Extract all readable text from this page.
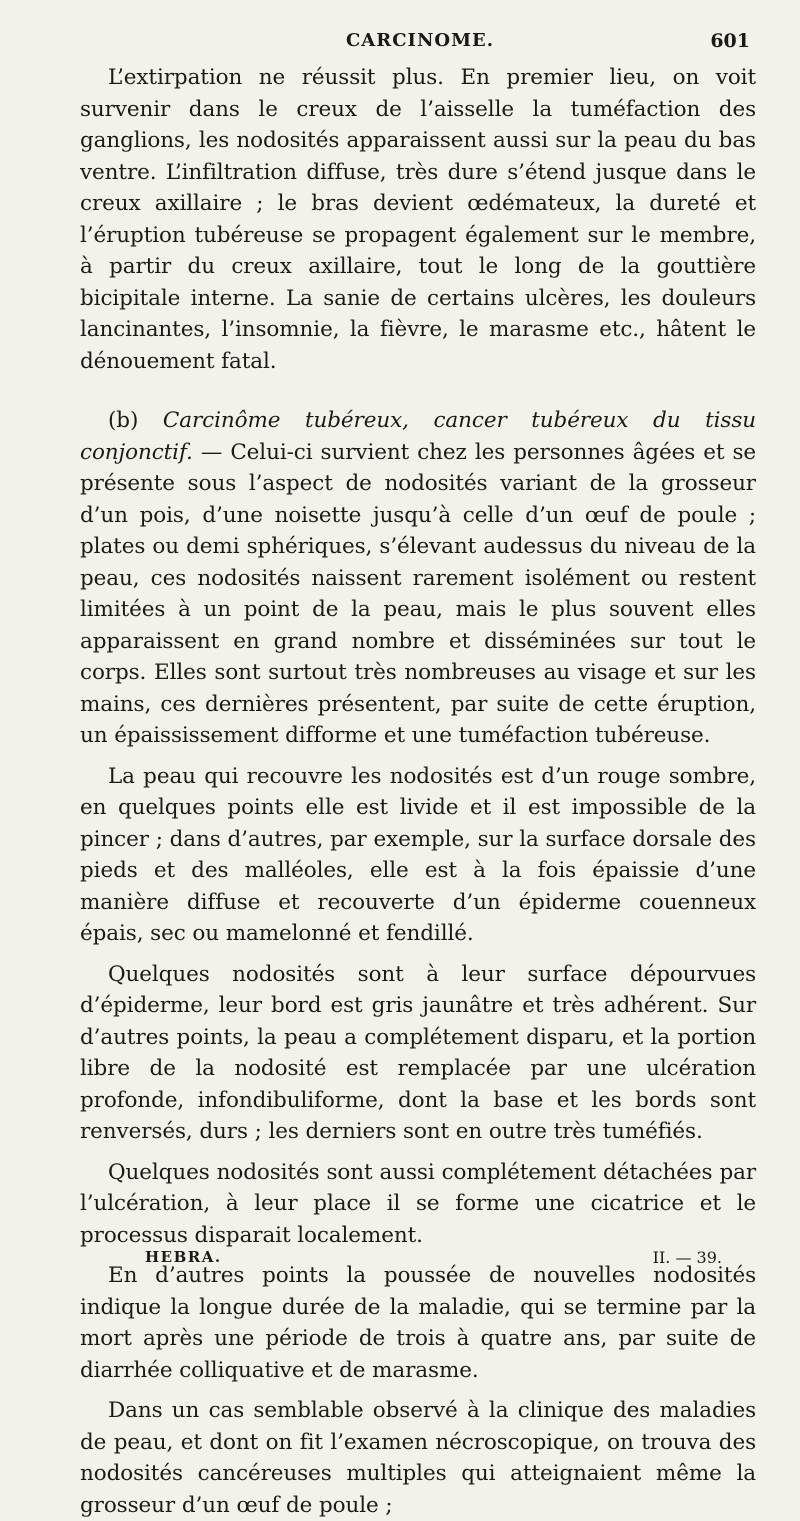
CARCINOME.	601

L’extirpation ne réussit plus. En premier lieu, on voit survenir dans le creux de l’aisselle la tuméfaction des ganglions, les nodosités apparaissent aussi sur la peau du bas ventre. L’infiltration diffuse, très dure s’étend jusque dans le creux axillaire ; le bras devient œdémateux, la dureté et l’éruption tubéreuse se propagent également sur le membre, à partir du creux axillaire, tout le long de la gouttière bicipitale interne. La sanie de certains ulcères, les douleurs lancinantes, l’insomnie, la fièvre, le marasme etc., hâtent le dénouement fatal.

(b) Carcinôme tubéreux, cancer tubéreux du tissu conjonctif. — Celui-ci survient chez les personnes âgées et se présente sous l’aspect de nodosités variant de la grosseur d’un pois, d’une noisette jusqu’à celle d’un œuf de poule ; plates ou demi sphériques, s’élevant audessus du niveau de la peau, ces nodosités naissent rarement isolément ou restent limitées à un point de la peau, mais le plus souvent elles apparaissent en grand nombre et disséminées sur tout le corps. Elles sont surtout très nombreuses au visage et sur les mains, ces dernières présentent, par suite de cette éruption, un épaississement difforme et une tuméfaction tubéreuse.

La peau qui recouvre les nodosités est d’un rouge sombre, en quelques points elle est livide et il est impossible de la pincer ; dans d’autres, par exemple, sur la surface dorsale des pieds et des malléoles, elle est à la fois épaissie d’une manière diffuse et recouverte d’un épiderme couenneux épais, sec ou mamelonné et fendillé.

Quelques nodosités sont à leur surface dépourvues d’épiderme, leur bord est gris jaunâtre et très adhérent. Sur d’autres points, la peau a complétement disparu, et la portion libre de la nodosité est remplacée par une ulcération profonde, infondibuliforme, dont la base et les bords sont renversés, durs ; les derniers sont en outre très tuméfiés.

Quelques nodosités sont aussi complétement détachées par l’ulcération, à leur place il se forme une cicatrice et le processus disparait localement.

En d’autres points la poussée de nouvelles nodosités indique la longue durée de la maladie, qui se termine par la mort après une période de trois à quatre ans, par suite de diarrhée colliquative et de marasme.

Dans un cas semblable observé à la clinique des maladies de peau, et dont on fit l’examen nécroscopique, on trouva des nodosités cancéreuses multiples qui atteignaient même la grosseur d’un œuf de poule ;

HEBRA.	II. — 39.
